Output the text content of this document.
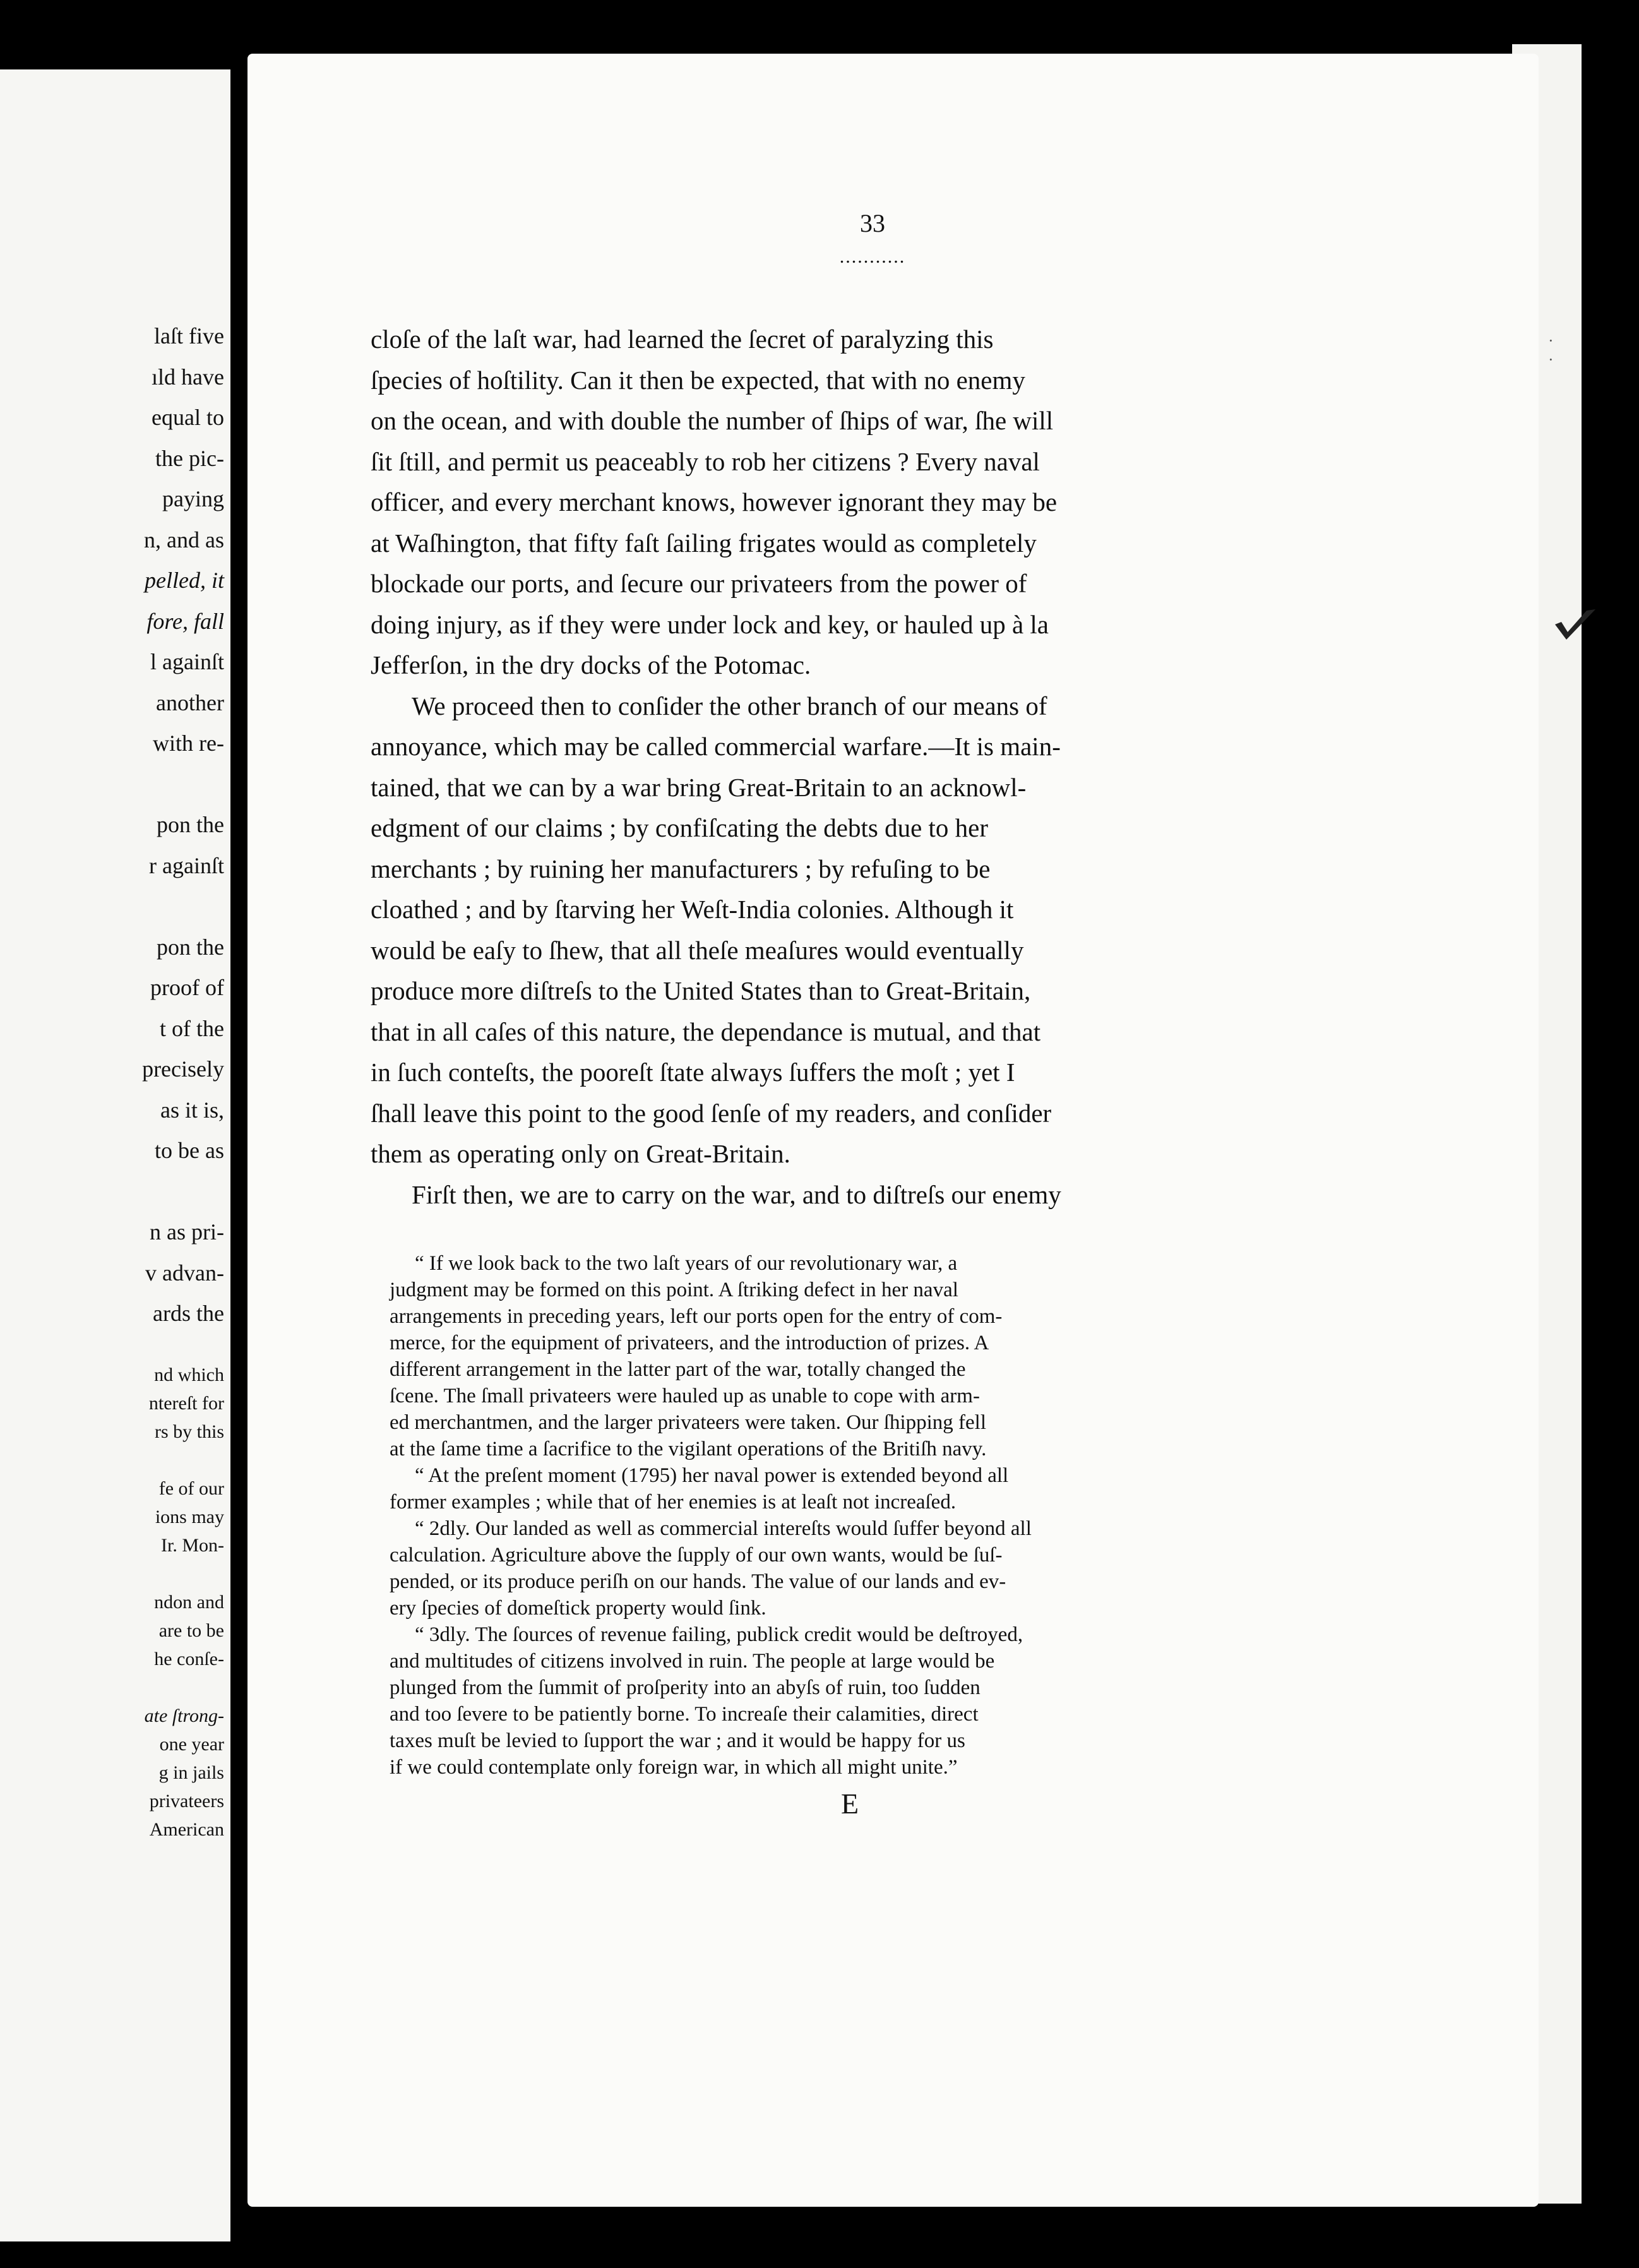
laſt five
ıld have
equal to
the pic-
paying
n, and as
pelled, it
fore, fall
l againſt
another
with re-
pon the
r againſt
pon the
proof of
t of the
precisely
as it is,
to be as
n as pri-
v advan-
ards the
nd which
ntereſt for
rs by this
fe of our
ions may
Ir. Mon-
ndon and
are to be
he conſe-
ate ſtrong-
one year
g in jails
privateers
American
33
...........
· ·
cloſe of the laſt war, had learned the ſecret of paralyzing this
ſpecies of hoſtility. Can it then be expected, that with no enemy
on the ocean, and with double the number of ſhips of war, ſhe will
ſit ſtill, and permit us peaceably to rob her citizens ? Every naval
officer, and every merchant knows, however ignorant they may be
at Waſhington, that fifty faſt ſailing frigates would as completely
blockade our ports, and ſecure our privateers from the power of
doing injury, as if they were under lock and key, or hauled up à la
Jefferſon, in the dry docks of the Potomac.
We proceed then to conſider the other branch of our means of
annoyance, which may be called commercial warfare.—It is main-
tained, that we can by a war bring Great-Britain to an acknowl-
edgment of our claims ; by confiſcating the debts due to her
merchants ; by ruining her manufacturers ; by refuſing to be
cloathed ; and by ſtarving her Weſt-India colonies. Although it
would be eaſy to ſhew, that all theſe meaſures would eventually
produce more diſtreſs to the United States than to Great-Britain,
that in all caſes of this nature, the dependance is mutual, and that
in ſuch conteſts, the pooreſt ſtate always ſuffers the moſt ; yet I
ſhall leave this point to the good ſenſe of my readers, and conſider
them as operating only on Great-Britain.
Firſt then, we are to carry on the war, and to diſtreſs our enemy
“ If we look back to the two laſt years of our revolutionary war, a
judgment may be formed on this point. A ſtriking defect in her naval
arrangements in preceding years, left our ports open for the entry of com-
merce, for the equipment of privateers, and the introduction of prizes. A
different arrangement in the latter part of the war, totally changed the
ſcene. The ſmall privateers were hauled up as unable to cope with arm-
ed merchantmen, and the larger privateers were taken. Our ſhipping fell
at the ſame time a ſacrifice to the vigilant operations of the Britiſh navy.
“ At the preſent moment (1795) her naval power is extended beyond all
former examples ; while that of her enemies is at leaſt not increaſed.
“ 2dly. Our landed as well as commercial intereſts would ſuffer beyond all
calculation. Agriculture above the ſupply of our own wants, would be ſuſ-
pended, or its produce periſh on our hands. The value of our lands and ev-
ery ſpecies of domeſtick property would ſink.
“ 3dly. The ſources of revenue failing, publick credit would be deſtroyed,
and multitudes of citizens involved in ruin. The people at large would be
plunged from the ſummit of proſperity into an abyſs of ruin, too ſudden
and too ſevere to be patiently borne. To increaſe their calamities, direct
taxes muſt be levied to ſupport the war ; and it would be happy for us
if we could contemplate only foreign war, in which all might unite.”
E
